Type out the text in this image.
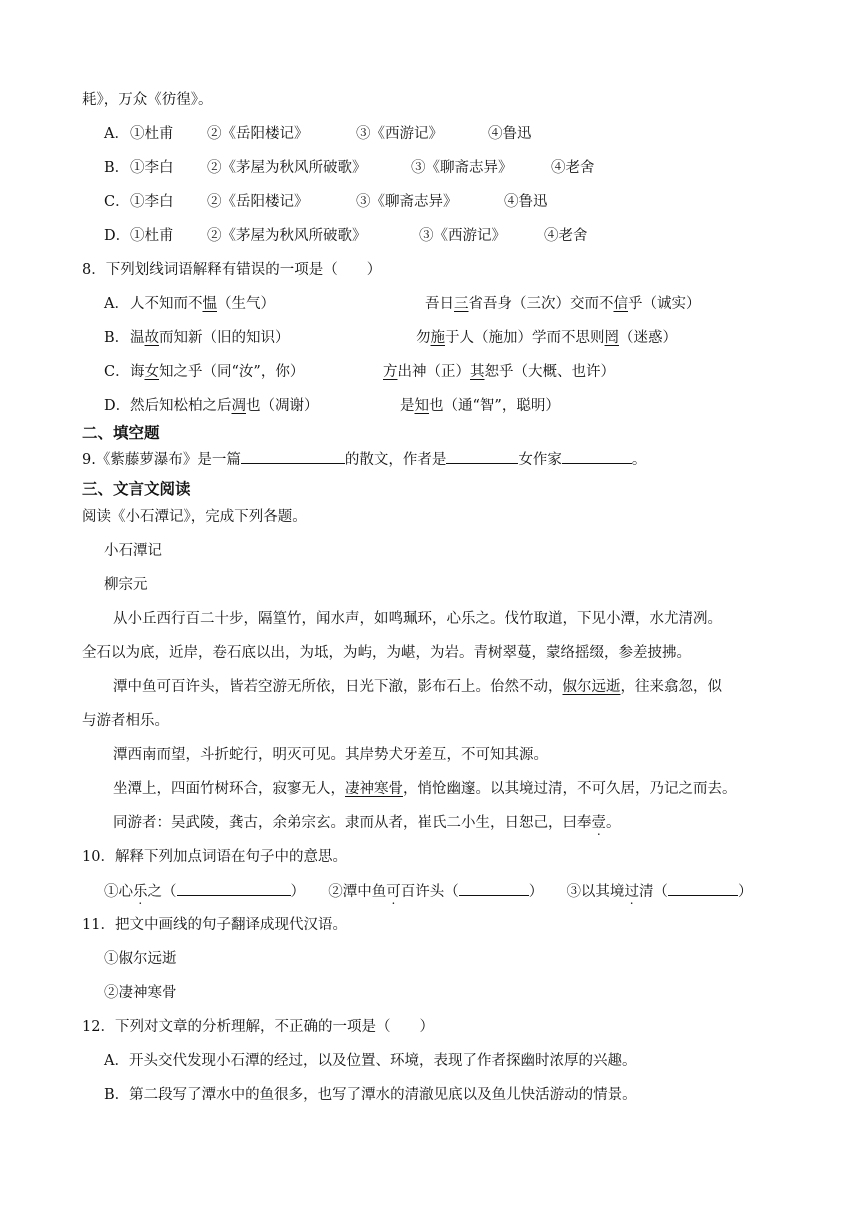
耗》，万众《彷徨》。
A． ①杜甫 ②《岳阳楼记》	③《西游记》	④鲁迅
B． ①李白 ②《茅屋为秋风所破歌》	③《聊斋志异》	④老舍
C． ①李白 ②《岳阳楼记》	③《聊斋志异》	④鲁迅
D． ①杜甫 ②《茅屋为秋风所破歌》	③《西游记》	④老舍
8．下列划线词语解释有错误的一项是（　　）
A． 人不知而不愠（生气）	吾日三省吾身（三次）交而不信乎（诚实）
B． 温故而知新（旧的知识）	勿施于人（施加）学而不思则罔（迷惑）
C． 诲女知之乎（同“汝”，你）	方出神（正）其恕乎（大概、也许）
D． 然后知松柏之后凋也（凋谢）	是知也（通“智”，聪明）
二、填空题
9.《紫藤萝瀑布》是一篇	的散文，作者是	女作家	。
三、文言文阅读
阅读《小石潭记》，完成下列各题。
小石潭记
柳宗元
从小丘西行百二十步，隔篁竹，闻水声，如鸣珮环，心乐之。伐竹取道，下见小潭，水尤清冽。
全石以为底，近岸，卷石底以出，为坻，为屿，为嵁，为岩。青树翠蔓，蒙络摇缀，参差披拂。
潭中鱼可百许头，皆若空游无所依，日光下澈，影布石上。佁然不动，俶尔远逝，往来翕忽，似
与游者相乐。
潭西南而望，斗折蛇行，明灭可见。其岸势犬牙差互，不可知其源。
坐潭上，四面竹树环合，寂寥无人，凄神寒骨，悄怆幽邃。以其境过清，不可久居，乃记之而去。
同游者：吴武陵，龚古，余弟宗玄。隶而从者，崔氏二小生，日恕己，曰奉壹。
10．解释下列加点词语在句子中的意思。
①心乐之（	） ②潭中鱼可百许头（	） ③以其境过清（	）
11．把文中画线的句子翻译成现代汉语。
①俶尔远逝
②凄神寒骨
12．下列对文章的分析理解，不正确的一项是（　　）
A．开头交代发现小石潭的经过，以及位置、环境，表现了作者探幽时浓厚的兴趣。
B．第二段写了潭水中的鱼很多，也写了潭水的清澈见底以及鱼儿快活游动的情景。
